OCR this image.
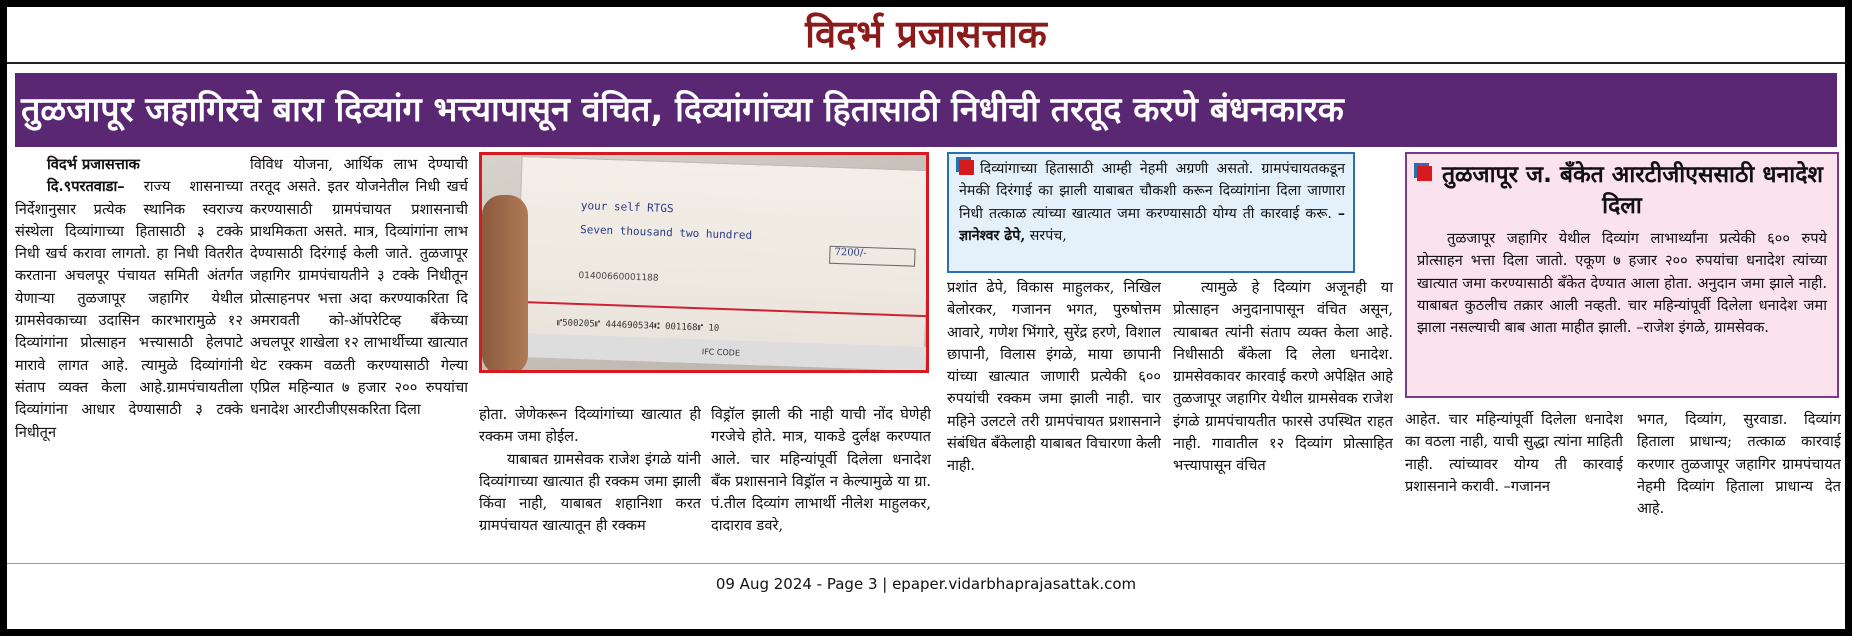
विदर्भ प्रजासत्ताक
तुळजापूर जहागिरचे बारा दिव्यांग भत्त्यापासून वंचित, दिव्यांगांच्या हितासाठी निधीची तरतूद करणे बंधनकारक

विदर्भ प्रजासत्ताक

दि.९परतवाडा– राज्य शासनाच्या निर्देशानुसार प्रत्येक स्थानिक स्वराज्य संस्थेला दिव्यांगाच्या हितासाठी ३ टक्के निधी खर्च करावा लागतो. हा निधी वितरीत करताना अचलपूर पंचायत समिती अंतर्गत येणाऱ्या तुळजापूर जहागिर येथील ग्रामसेवकाच्या उदासिन कारभारामुळे १२ दिव्यांगांना प्रोत्साहन भत्त्यासाठी हेलपाटे मारावे लागत आहे. त्यामुळे दिव्यांगांनी संताप व्यक्त केला आहे.ग्रामपंचायतीला दिव्यांगांना आधार देण्यासाठी ३ टक्के निधीतून

विविध योजना, आर्थिक लाभ देण्याची तरतूद असते. इतर योजनेतील निधी खर्च करण्यासाठी ग्रामपंचायत प्रशासनाची प्राथमिकता असते. मात्र, दिव्यांगांना लाभ देण्यासाठी दिरंगाई केली जाते. तुळजापूर जहागिर ग्रामपंचायतीने ३ टक्के निधीतून प्रोत्साहनपर भत्ता अदा करण्याकरिता दि अमरावती को-ऑपरेटिव्ह बँकेच्या अचलपूर शाखेला १२ लाभार्थीच्या खात्यात थेट रक्कम वळती करण्यासाठी गेल्या एप्रिल महिन्यात ७ हजार २०० रुपयांचा धनादेश आरटीजीएसकरिता दिला

your self RTGS
Seven thousand two hundred
7200/-
01400660001188
⑈500205⑈ 444690534⑆ 001168⑈ 10
IFC CODE

होता. जेणेकरून दिव्यांगांच्या खात्यात ही रक्कम जमा होईल.

याबाबत ग्रामसेवक राजेश इंगळे यांनी दिव्यांगाच्या खात्यात ही रक्कम जमा झाली किंवा नाही, याबाबत शहानिशा करत ग्रामपंचायत खात्यातून ही रक्कम

विड्रॉल झाली की नाही याची नोंद घेणेही गरजेचे होते. मात्र, याकडे दुर्लक्ष करण्यात आले. चार महिन्यांपूर्वी दिलेला धनादेश बँक प्रशासनाने विड्रॉल न केल्यामुळे या ग्रा. पं.तील दिव्यांग लाभार्थी नीलेश माहुलकर, दादाराव डवरे,

दिव्यांगाच्या हितासाठी आम्ही नेहमी अग्रणी असतो. ग्रामपंचायतकडून नेमकी दिरंगाई का झाली याबाबत चौकशी करून दिव्यांगांना दिला जाणारा निधी तत्काळ त्यांच्या खात्यात जमा करण्यासाठी योग्य ती कारवाई करू. – ज्ञानेश्वर ढेपे, सरपंच,

प्रशांत ढेपे, विकास माहुलकर, निखिल बेलोरकर, गजानन भगत, पुरुषोत्तम आवारे, गणेश भिंगारे, सुरेंद्र हरणे, विशाल छापानी, विलास इंगळे, माया छापानी यांच्या खात्यात जाणारी प्रत्येकी ६०० रुपयांची रक्कम जमा झाली नाही. चार महिने उलटले तरी ग्रामपंचायत प्रशासनाने संबंधित बँकेलाही याबाबत विचारणा केली नाही.

त्यामुळे हे दिव्यांग अजूनही या प्रोत्साहन अनुदानापासून वंचित असून, त्याबाबत त्यांनी संताप व्यक्त केला आहे. निधीसाठी बँकेला दि लेला धनादेश. ग्रामसेवकावर कारवाई करणे अपेक्षित आहे तुळजापूर जहागिर येथील ग्रामसेवक राजेश इंगळे ग्रामपंचायतीत फारसे उपस्थित राहत नाही. गावातील १२ दिव्यांग प्रोत्साहित भत्त्यापासून वंचित

तुळजापूर ज. बँकेत आरटीजीएससाठी धनादेश दिला
तुळजापूर जहागिर येथील दिव्यांग लाभार्थ्यांना प्रत्येकी ६०० रुपये प्रोत्साहन भत्ता दिला जातो. एकूण ७ हजार २०० रुपयांचा धनादेश त्यांच्या खात्यात जमा करण्यासाठी बँकेत देण्यात आला होता. अनुदान जमा झाले नाही. याबाबत कुठलीच तक्रार आली नव्हती. चार महिन्यांपूर्वी दिलेला धनादेश जमा झाला नसल्याची बाब आता माहीत झाली. –राजेश इंगळे, ग्रामसेवक.

आहेत. चार महिन्यांपूर्वी दिलेला धनादेश का वठला नाही, याची सुद्धा त्यांना माहिती नाही. त्यांच्यावर योग्य ती कारवाई प्रशासनाने करावी. –गजानन

भगत, दिव्यांग, सुरवाडा. दिव्यांग हिताला प्राधान्य; तत्काळ कारवाई करणार तुळजापूर जहागिर ग्रामपंचायत नेहमी दिव्यांग हिताला प्राधान्य देत आहे.

09 Aug 2024 - Page 3 | epaper.vidarbhaprajasattak.com
